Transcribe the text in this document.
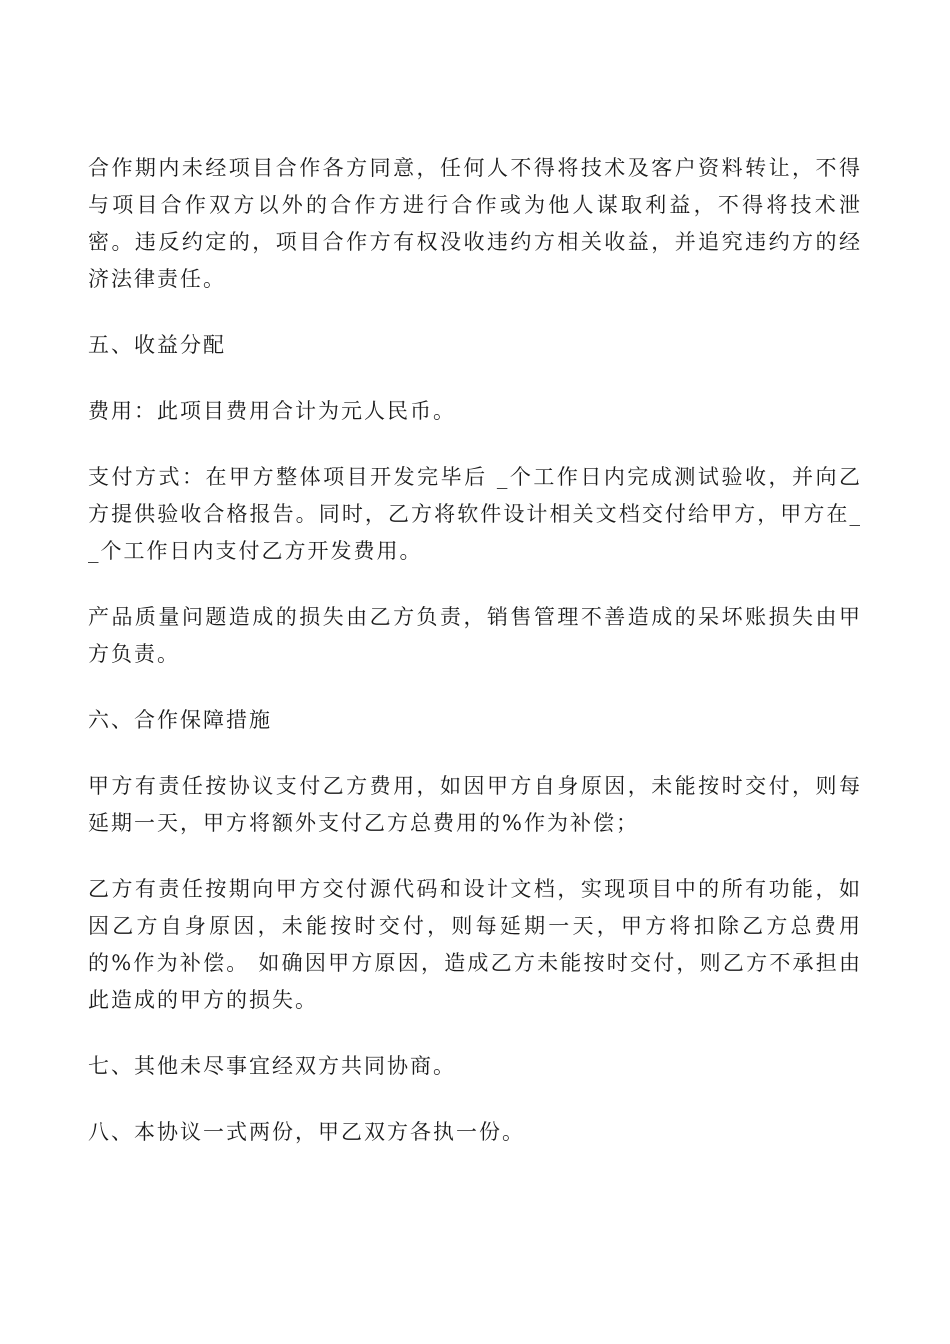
合作期内未经项目合作各方同意，任何人不得将技术及客户资料转让，不得与项目合作双方以外的合作方进行合作或为他人谋取利益，不得将技术泄密。违反约定的，项目合作方有权没收违约方相关收益，并追究违约方的经济法律责任。

五、收益分配

费用：此项目费用合计为元人民币。

支付方式：在甲方整体项目开发完毕后 _个工作日内完成测试验收，并向乙方提供验收合格报告。同时，乙方将软件设计相关文档交付给甲方，甲方在_ _个工作日内支付乙方开发费用。

产品质量问题造成的损失由乙方负责，销售管理不善造成的呆坏账损失由甲方负责。

六、合作保障措施

甲方有责任按协议支付乙方费用，如因甲方自身原因，未能按时交付，则每延期一天，甲方将额外支付乙方总费用的%作为补偿；

乙方有责任按期向甲方交付源代码和设计文档，实现项目中的所有功能，如因乙方自身原因，未能按时交付，则每延期一天，甲方将扣除乙方总费用的%作为补偿。 如确因甲方原因，造成乙方未能按时交付，则乙方不承担由此造成的甲方的损失。

七、其他未尽事宜经双方共同协商。

八、本协议一式两份，甲乙双方各执一份。
